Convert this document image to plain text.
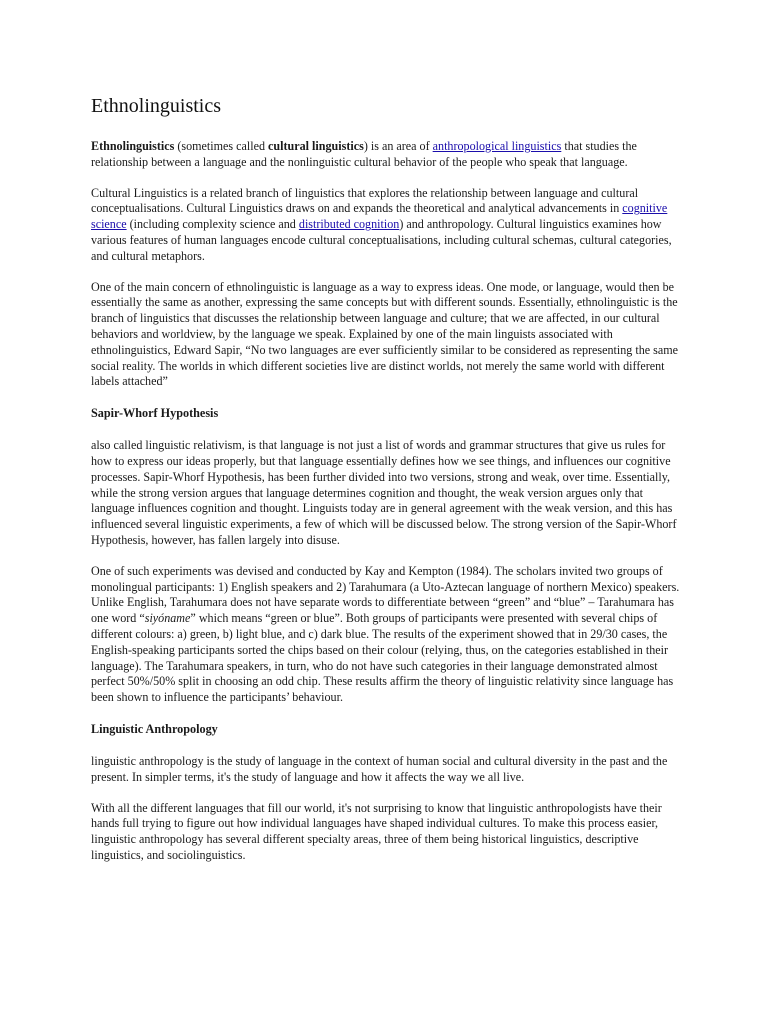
Ethnolinguistics

Ethnolinguistics (sometimes called cultural linguistics) is an area of anthropological linguistics that studies the relationship between a language and the nonlinguistic cultural behavior of the people who speak that language.

Cultural Linguistics is a related branch of linguistics that explores the relationship between language and cultural conceptualisations. Cultural Linguistics draws on and expands the theoretical and analytical advancements in cognitive science (including complexity science and distributed cognition) and anthropology. Cultural linguistics examines how various features of human languages encode cultural conceptualisations, including cultural schemas, cultural categories, and cultural metaphors.

One of the main concern of ethnolinguistic is language as a way to express ideas. One mode, or language, would then be essentially the same as another, expressing the same concepts but with different sounds. Essentially, ethnolinguistic is the branch of linguistics that discusses the relationship between language and culture; that we are affected, in our cultural behaviors and worldview, by the language we speak. Explained by one of the main linguists associated with ethnolinguistics, Edward Sapir, “No two languages are ever sufficiently similar to be considered as representing the same social reality. The worlds in which different societies live are distinct worlds, not merely the same world with different labels attached”

Sapir-Whorf Hypothesis

also called linguistic relativism, is that language is not just a list of words and grammar structures that give us rules for how to express our ideas properly, but that language essentially defines how we see things, and influences our cognitive processes. Sapir-Whorf Hypothesis, has been further divided into two versions, strong and weak, over time. Essentially, while the strong version argues that language determines cognition and thought, the weak version argues only that language influences cognition and thought. Linguists today are in general agreement with the weak version, and this has influenced several linguistic experiments, a few of which will be discussed below. The strong version of the Sapir-Whorf Hypothesis, however, has fallen largely into disuse.

One of such experiments was devised and conducted by Kay and Kempton (1984). The scholars invited two groups of monolingual participants: 1) English speakers and 2) Tarahumara (a Uto-Aztecan language of northern Mexico) speakers. Unlike English, Tarahumara does not have separate words to differentiate between “green” and “blue” – Tarahumara has one word “siyóname” which means “green or blue”. Both groups of participants were presented with several chips of different colours: a) green, b) light blue, and c) dark blue. The results of the experiment showed that in 29/30 cases, the English-speaking participants sorted the chips based on their colour (relying, thus, on the categories established in their language). The Tarahumara speakers, in turn, who do not have such categories in their language demonstrated almost perfect 50%/50% split in choosing an odd chip. These results affirm the theory of linguistic relativity since language has been shown to influence the participants’ behaviour.

Linguistic Anthropology

linguistic anthropology is the study of language in the context of human social and cultural diversity in the past and the present. In simpler terms, it's the study of language and how it affects the way we all live.

With all the different languages that fill our world, it's not surprising to know that linguistic anthropologists have their hands full trying to figure out how individual languages have shaped individual cultures. To make this process easier, linguistic anthropology has several different specialty areas, three of them being historical linguistics, descriptive linguistics, and sociolinguistics.
